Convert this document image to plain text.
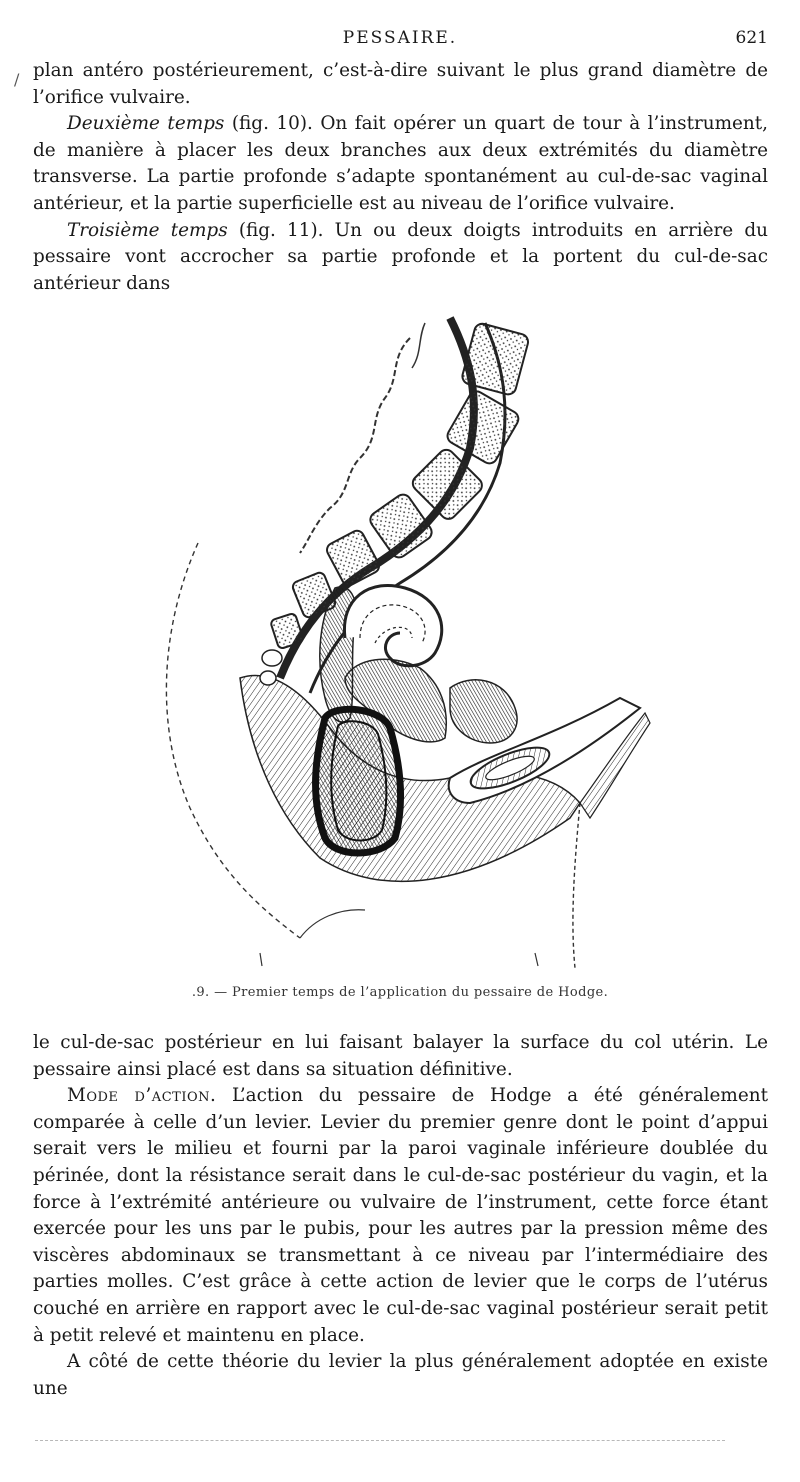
PESSAIRE.	621
/ plan antéro postérieurement, c’est-à-dire suivant le plus grand diamètre de l’orifice vulvaire.

Deuxième temps (fig. 10). On fait opérer un quart de tour à l’instrument, de manière à placer les deux branches aux deux extrémités du diamètre transverse. La partie profonde s’adapte spontanément au cul-de-sac vaginal antérieur, et la partie superficielle est au niveau de l’orifice vulvaire.

Troisième temps (fig. 11). Un ou deux doigts introduits en arrière du pessaire vont accrocher sa partie profonde et la portent du cul-de-sac antérieur dans

.9. — Premier temps de l’application du pessaire de Hodge.

le cul-de-sac postérieur en lui faisant balayer la surface du col utérin. Le pessaire ainsi placé est dans sa situation définitive.

Mode d’action. L’action du pessaire de Hodge a été généralement comparée à celle d’un levier. Levier du premier genre dont le point d’appui serait vers le milieu et fourni par la paroi vaginale inférieure doublée du périnée, dont la résistance serait dans le cul-de-sac postérieur du vagin, et la force à l’extrémité antérieure ou vulvaire de l’instrument, cette force étant exercée pour les uns par le pubis, pour les autres par la pression même des viscères abdominaux se transmettant à ce niveau par l’intermédiaire des parties molles. C’est grâce à cette action de levier que le corps de l’utérus couché en arrière en rapport avec le cul-de-sac vaginal postérieur serait petit à petit relevé et maintenu en place.

A côté de cette théorie du levier la plus généralement adoptée en existe une
